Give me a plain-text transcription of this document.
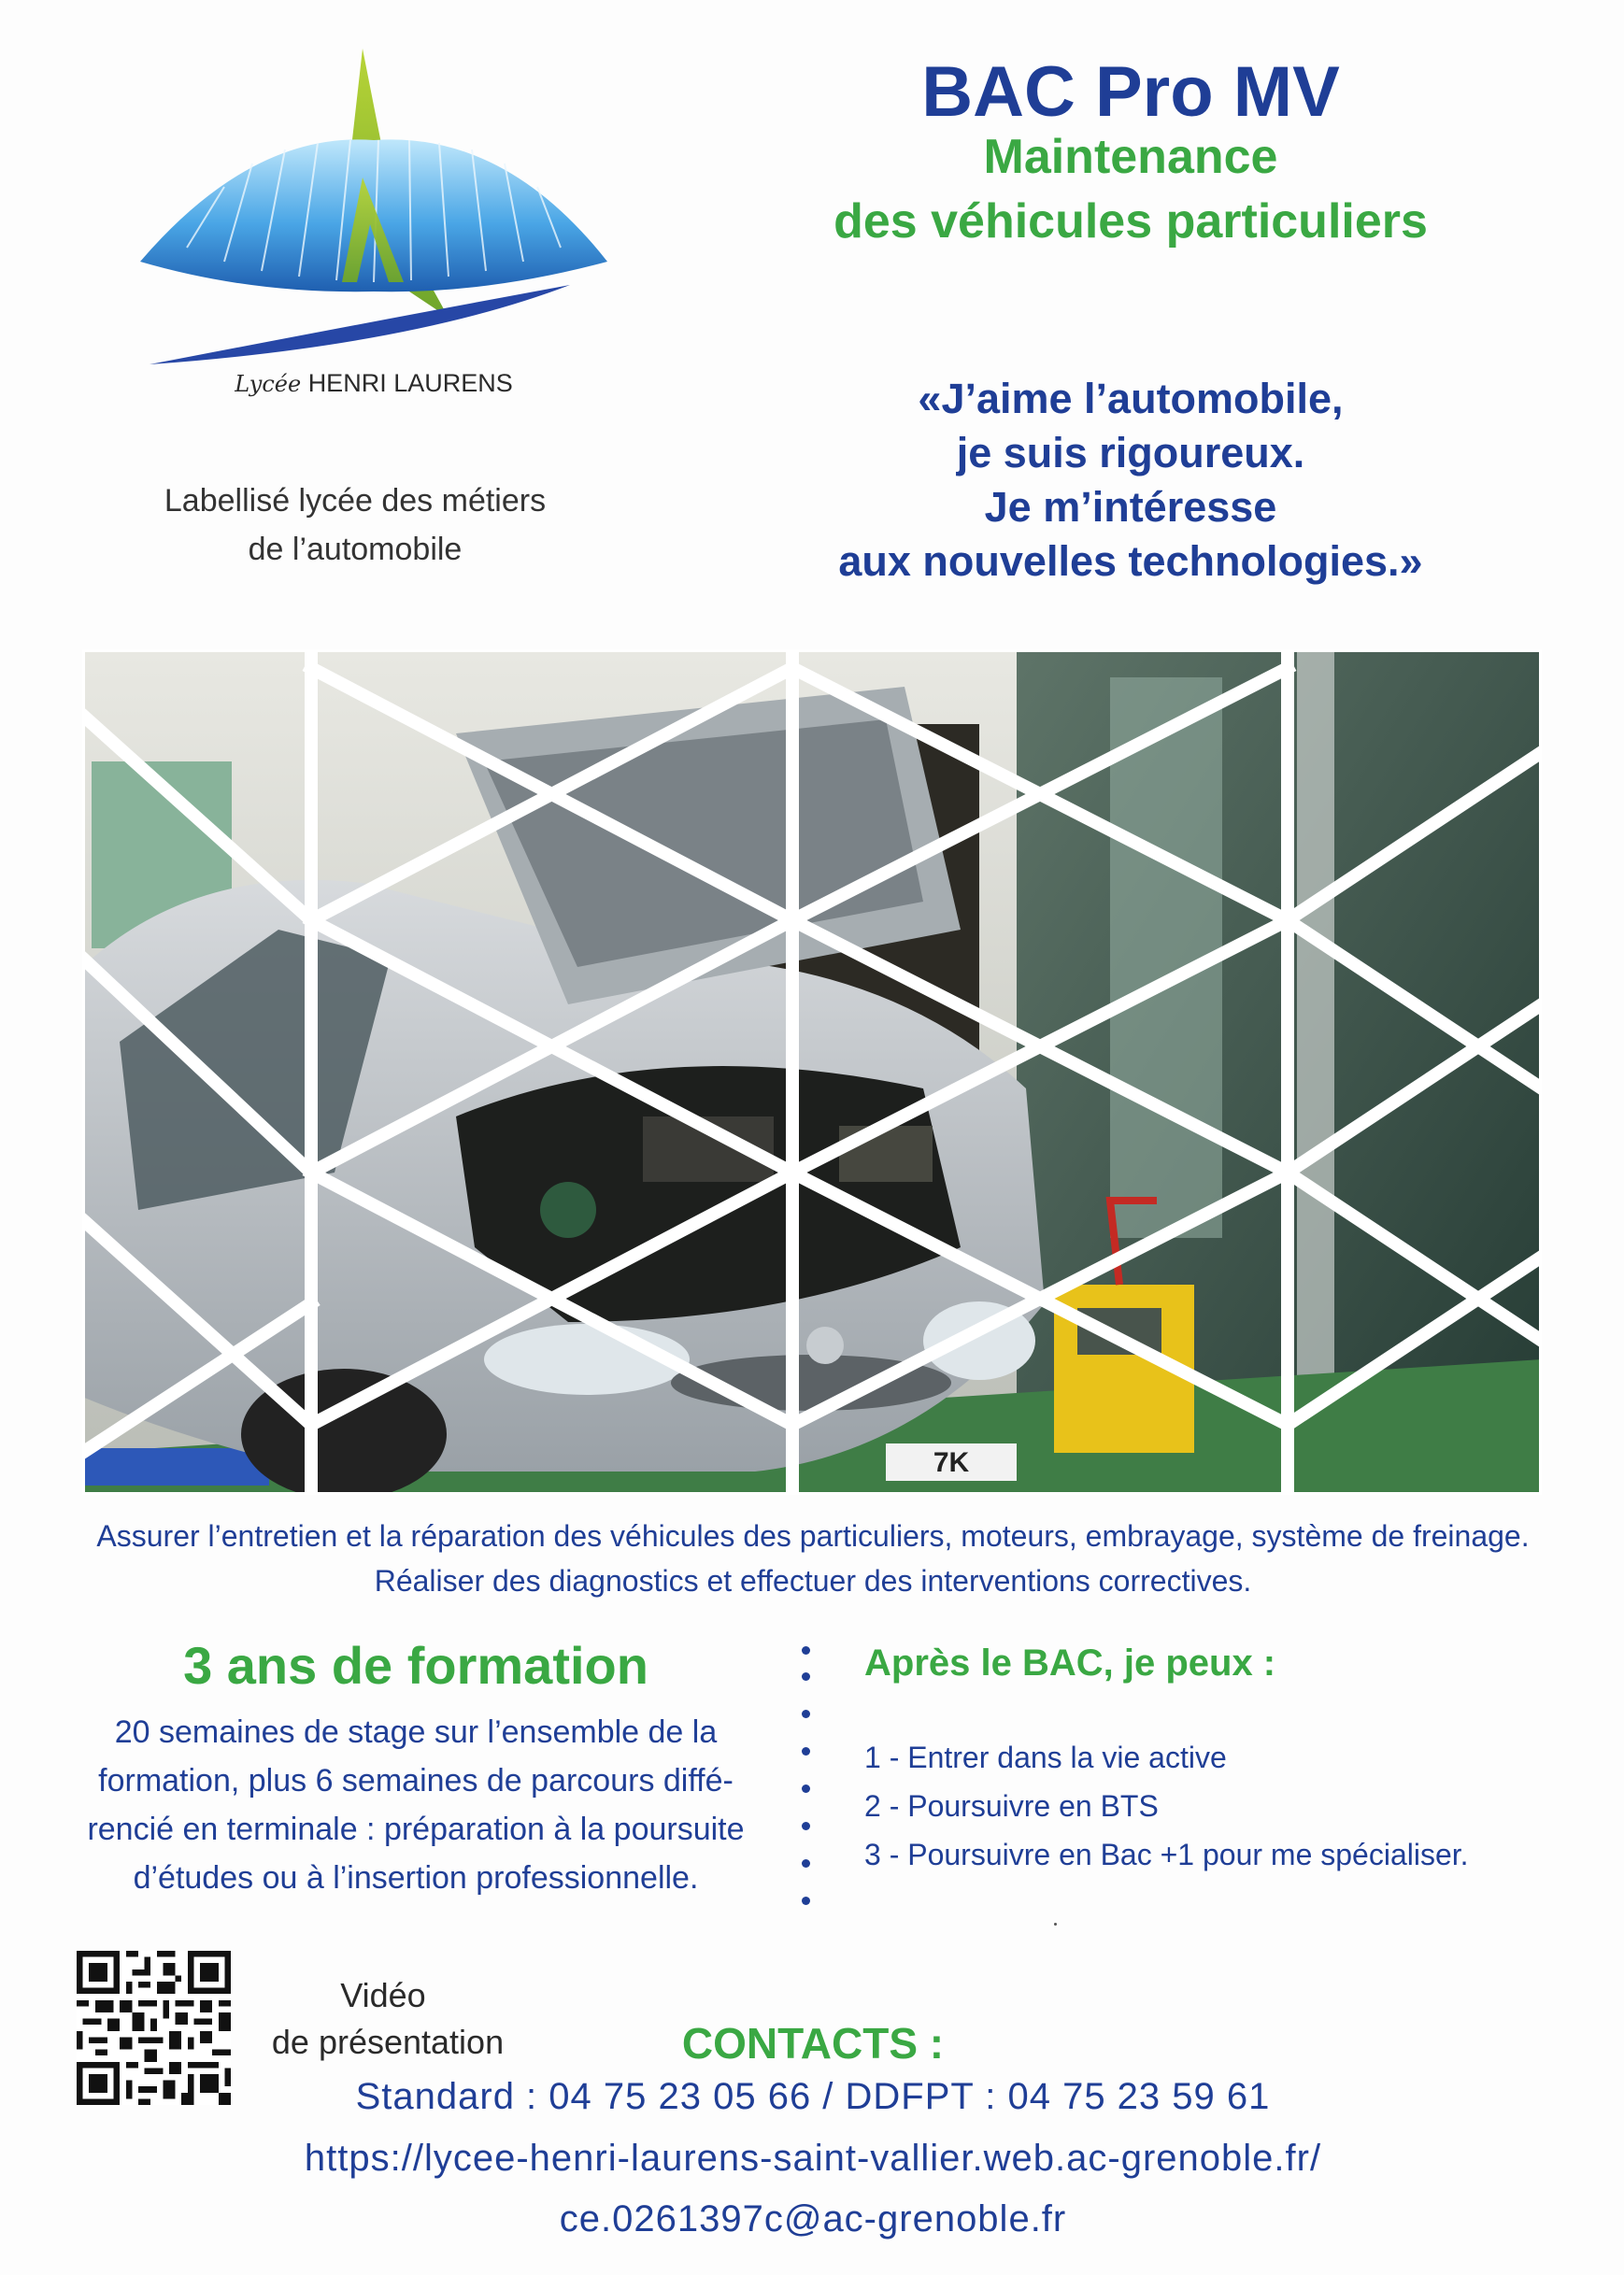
Lycée HENRI LAURENS
Labellisé lycée des métiers
de l’automobile
BAC Pro MV
Maintenance
des véhicules particuliers
«J’aime l’automobile,
je suis rigoureux.
Je m’intéresse
aux nouvelles technologies.»
7K
Assurer l’entretien et la réparation des véhicules des particuliers, moteurs, embrayage, système de freinage.
Réaliser des diagnostics et effectuer des interventions correctives.
3 ans de formation
20 semaines de stage sur l’ensemble de la
formation, plus 6 semaines de parcours diffé-
rencié en terminale : préparation à la poursuite
d’études ou à l’insertion professionnelle.
Après le BAC, je peux :
1 - Entrer dans la vie active
2 - Poursuivre en BTS
3 - Poursuivre en Bac +1 pour me spécialiser.
Vidéo
de présentation	CONTACTS :
Standard : 04 75 23 05 66 / DDFPT : 04 75 23 59 61
https://lycee-henri-laurens-saint-vallier.web.ac-grenoble.fr/
ce.0261397c@ac-grenoble.fr
